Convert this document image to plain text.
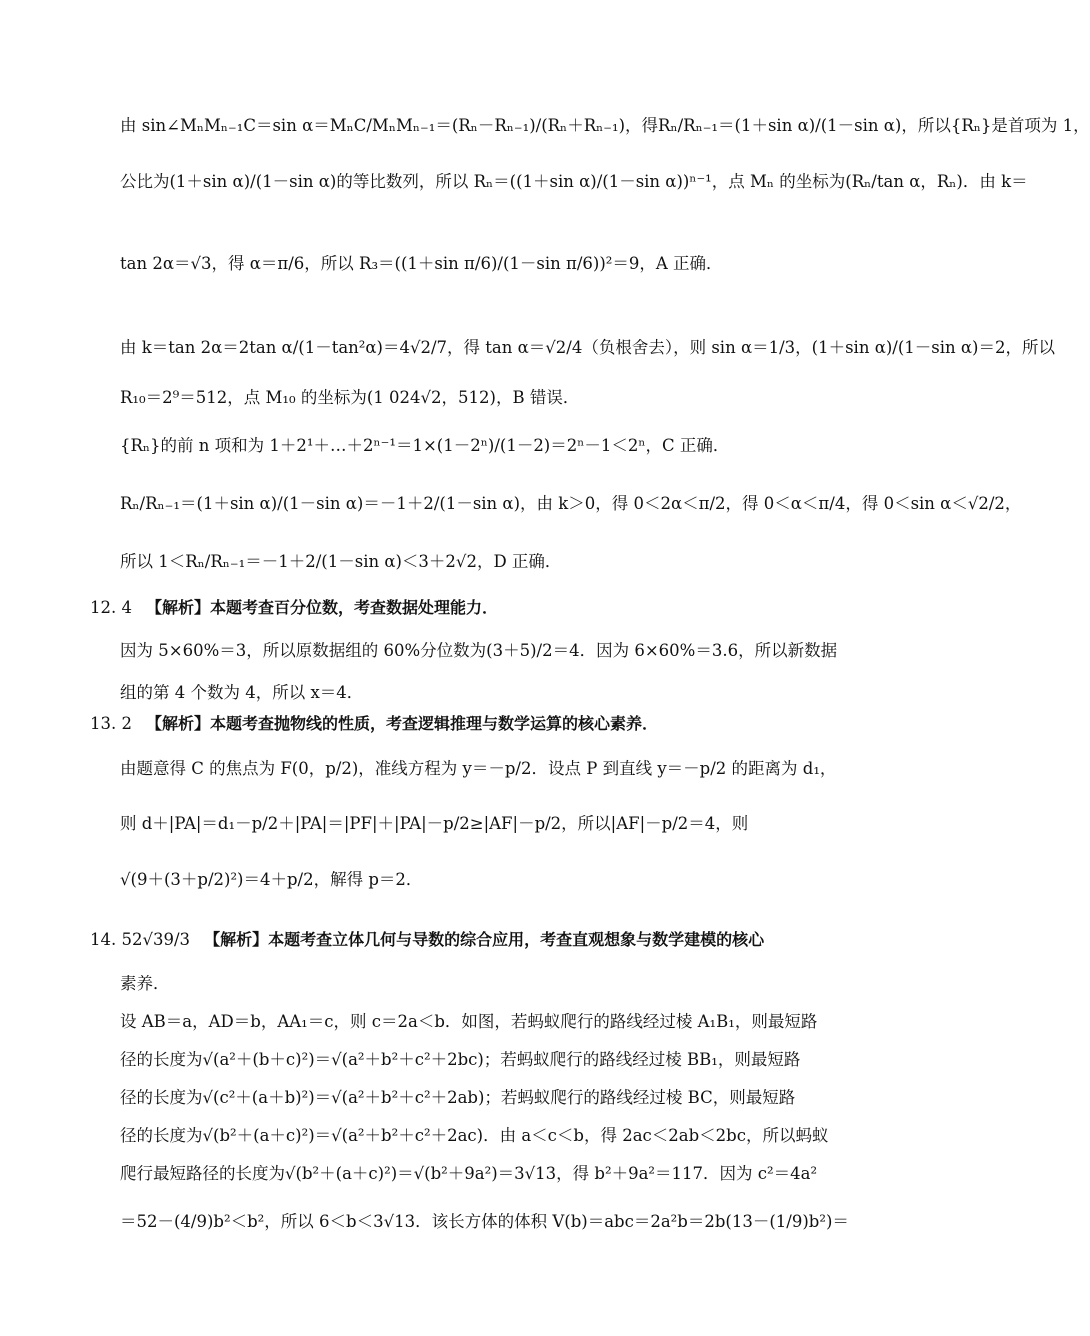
由 sin∠MₙMₙ₋₁C＝sin α＝MₙC/MₙMₙ₋₁＝(Rₙ－Rₙ₋₁)/(Rₙ＋Rₙ₋₁)，得Rₙ/Rₙ₋₁＝(1＋sin α)/(1－sin α)，所以{Rₙ}是首项为 1，
公比为(1＋sin α)/(1－sin α)的等比数列，所以 Rₙ＝((1＋sin α)/(1－sin α))ⁿ⁻¹，点 Mₙ 的坐标为(Rₙ/tan α，Rₙ)．由 k＝
tan 2α＝√3，得 α＝π/6，所以 R₃＝((1＋sin π/6)/(1－sin π/6))²＝9，A 正确．
由 k＝tan 2α＝2tan α/(1－tan²α)＝4√2/7，得 tan α＝√2/4（负根舍去），则 sin α＝1/3，(1＋sin α)/(1－sin α)＝2，所以
R₁₀＝2⁹＝512，点 M₁₀ 的坐标为(1 024√2，512)，B 错误．
{Rₙ}的前 n 项和为 1＋2¹＋…＋2ⁿ⁻¹＝1×(1－2ⁿ)/(1－2)＝2ⁿ－1＜2ⁿ，C 正确．
Rₙ/Rₙ₋₁＝(1＋sin α)/(1－sin α)＝－1＋2/(1－sin α)，由 k＞0，得 0＜2α＜π/2，得 0＜α＜π/4，得 0＜sin α＜√2/2，
所以 1＜Rₙ/Rₙ₋₁＝－1＋2/(1－sin α)＜3＋2√2，D 正确．
12. 4 【解析】本题考查百分位数，考查数据处理能力．
因为 5×60%＝3，所以原数据组的 60%分位数为(3＋5)/2＝4．因为 6×60%＝3.6，所以新数据
组的第 4 个数为 4，所以 x＝4．
13. 2 【解析】本题考查抛物线的性质，考查逻辑推理与数学运算的核心素养．
由题意得 C 的焦点为 F(0，p/2)，准线方程为 y＝－p/2．设点 P 到直线 y＝－p/2 的距离为 d₁，
则 d＋|PA|＝d₁－p/2＋|PA|＝|PF|＋|PA|－p/2≥|AF|－p/2，所以|AF|－p/2＝4，则
√(9＋(3＋p/2)²)＝4＋p/2，解得 p＝2．
14. 52√39/3 【解析】本题考查立体几何与导数的综合应用，考查直观想象与数学建模的核心
素养．
设 AB＝a，AD＝b，AA₁＝c，则 c＝2a＜b．如图，若蚂蚁爬行的路线经过棱 A₁B₁，则最短路
径的长度为√(a²＋(b＋c)²)＝√(a²＋b²＋c²＋2bc)；若蚂蚁爬行的路线经过棱 BB₁，则最短路
径的长度为√(c²＋(a＋b)²)＝√(a²＋b²＋c²＋2ab)；若蚂蚁爬行的路线经过棱 BC，则最短路
径的长度为√(b²＋(a＋c)²)＝√(a²＋b²＋c²＋2ac)．由 a＜c＜b，得 2ac＜2ab＜2bc，所以蚂蚁
爬行最短路径的长度为√(b²＋(a＋c)²)＝√(b²＋9a²)＝3√13，得 b²＋9a²＝117．因为 c²＝4a²
＝52－(4/9)b²＜b²，所以 6＜b＜3√13．该长方体的体积 V(b)＝abc＝2a²b＝2b(13－(1/9)b²)＝
